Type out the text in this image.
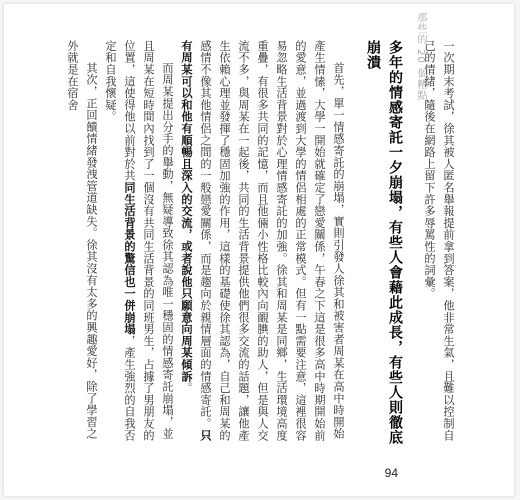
那些的 20 個糟點	一次期末考試，徐其被人匿名舉報提前拿到答案，他非常生氣，且難以控制自己的情緒，隨後在網路上留下許多辱罵性的詞彙。

多年的情感寄託一夕崩塌，有些人會藉此成長，有些人則徹底崩潰

首先，單一情感寄託的崩塌，實則引發人徐其和被害者周某在高中時開始產生情愫，大學一開始就確定了戀愛關係，午春之下這是很多高中時期開始前的愛意，並過渡到大學的情侶相處的正常模式。但有一點需要注意，這裡很容易忽略生活背景對於心理情感寄託的加強。徐其和周某是同鄉，生活環境高度重疊，有很多共同的記憶，而且他倆小性格比較內向靦腆的助人，但是與人交流不多，與周某在一起後，共同的生活背景提供他們很多交流的話題，讓他產生依賴心理並發揮了穩固加強的作用，這樣的基礎使徐其認為，自己和周某的感情不像其他情侶之間的一般戀愛關係，而是趨向於親情層面的情感寄託。只有周某可以和他有順暢且深入的交流，或者說他只願意向周某傾訴。

而周某提出分手的舉動，無疑導致徐其認為唯一穩固的情感寄託崩塌，並且周某在短時間內找到了一個沒有共同生活背景的同班男生，占據了男朋友的位置，這使得他以前對於共同生活背景的驚信也一併崩塌，產生強烈的自我否定和自我懷疑。

其次，正回饋情緒發洩管道缺失。徐其沒有太多的興趣愛好，除了學習之外就是在宿舍

94
